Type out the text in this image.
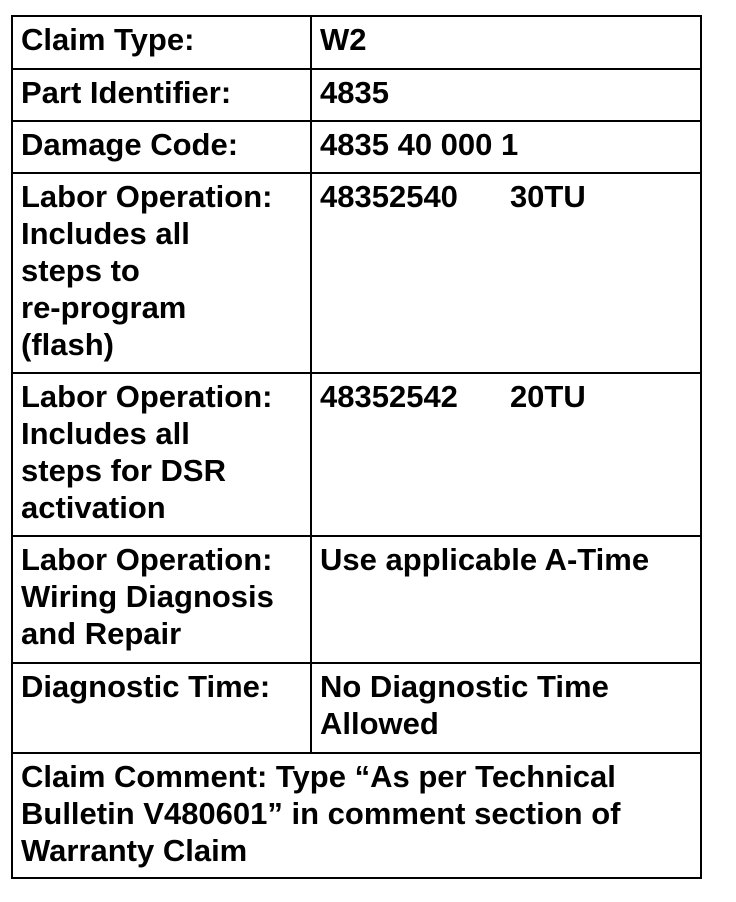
Claim Type:	W2
Part Identifier:	4835
Damage Code:	4835 40 000 1
Labor Operation:
Includes all
steps to
re-program
(flash)	48352540 30TU
Labor Operation:
Includes all
steps for DSR
activation	48352542 20TU
Labor Operation:
Wiring Diagnosis
and Repair	Use applicable A-Time
Diagnostic Time:	No Diagnostic Time
Allowed
Claim Comment: Type “As per Technical
Bulletin V480601” in comment section of
Warranty Claim	
